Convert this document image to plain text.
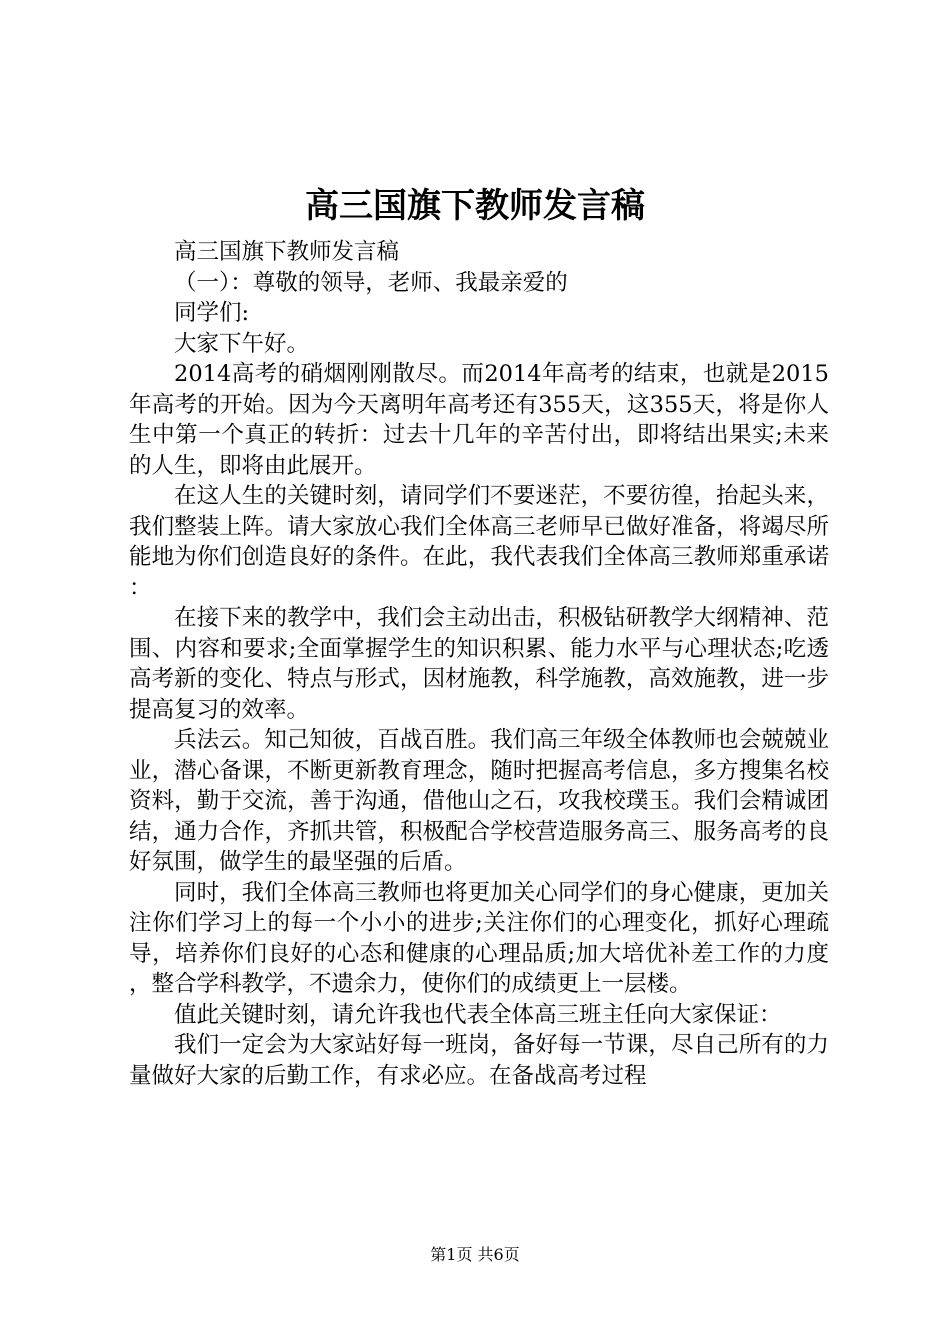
高三国旗下教师发言稿

高三国旗下教师发言稿

（一）：尊敬的领导，老师、我最亲爱的

同学们:

大家下午好。

2014高考的硝烟刚刚散尽。而2014年高考的结束，也就是2015年高考的开始。因为今天离明年高考还有355天，这355天，将是你人生中第一个真正的转折：过去十几年的辛苦付出，即将结出果实;未来的人生，即将由此展开。

在这人生的关键时刻，请同学们不要迷茫，不要彷徨，抬起头来，我们整装上阵。请大家放心我们全体高三老师早已做好准备，将竭尽所能地为你们创造良好的条件。在此，我代表我们全体高三教师郑重承诺：

在接下来的教学中，我们会主动出击，积极钻研教学大纲精神、范围、内容和要求;全面掌握学生的知识积累、能力水平与心理状态;吃透高考新的变化、特点与形式，因材施教，科学施教，高效施教，进一步提高复习的效率。

兵法云。知己知彼，百战百胜。我们高三年级全体教师也会兢兢业业，潜心备课，不断更新教育理念，随时把握高考信息，多方搜集名校资料，勤于交流，善于沟通，借他山之石，攻我校璞玉。我们会精诚团结，通力合作，齐抓共管，积极配合学校营造服务高三、服务高考的良好氛围，做学生的最坚强的后盾。

同时，我们全体高三教师也将更加关心同学们的身心健康，更加关注你们学习上的每一个小小的进步;关注你们的心理变化，抓好心理疏导，培养你们良好的心态和健康的心理品质;加大培优补差工作的力度，整合学科教学，不遗余力，使你们的成绩更上一层楼。

值此关键时刻，请允许我也代表全体高三班主任向大家保证：

我们一定会为大家站好每一班岗，备好每一节课，尽自己所有的力量做好大家的后勤工作，有求必应。在备战高考过程

第1页 共6页
